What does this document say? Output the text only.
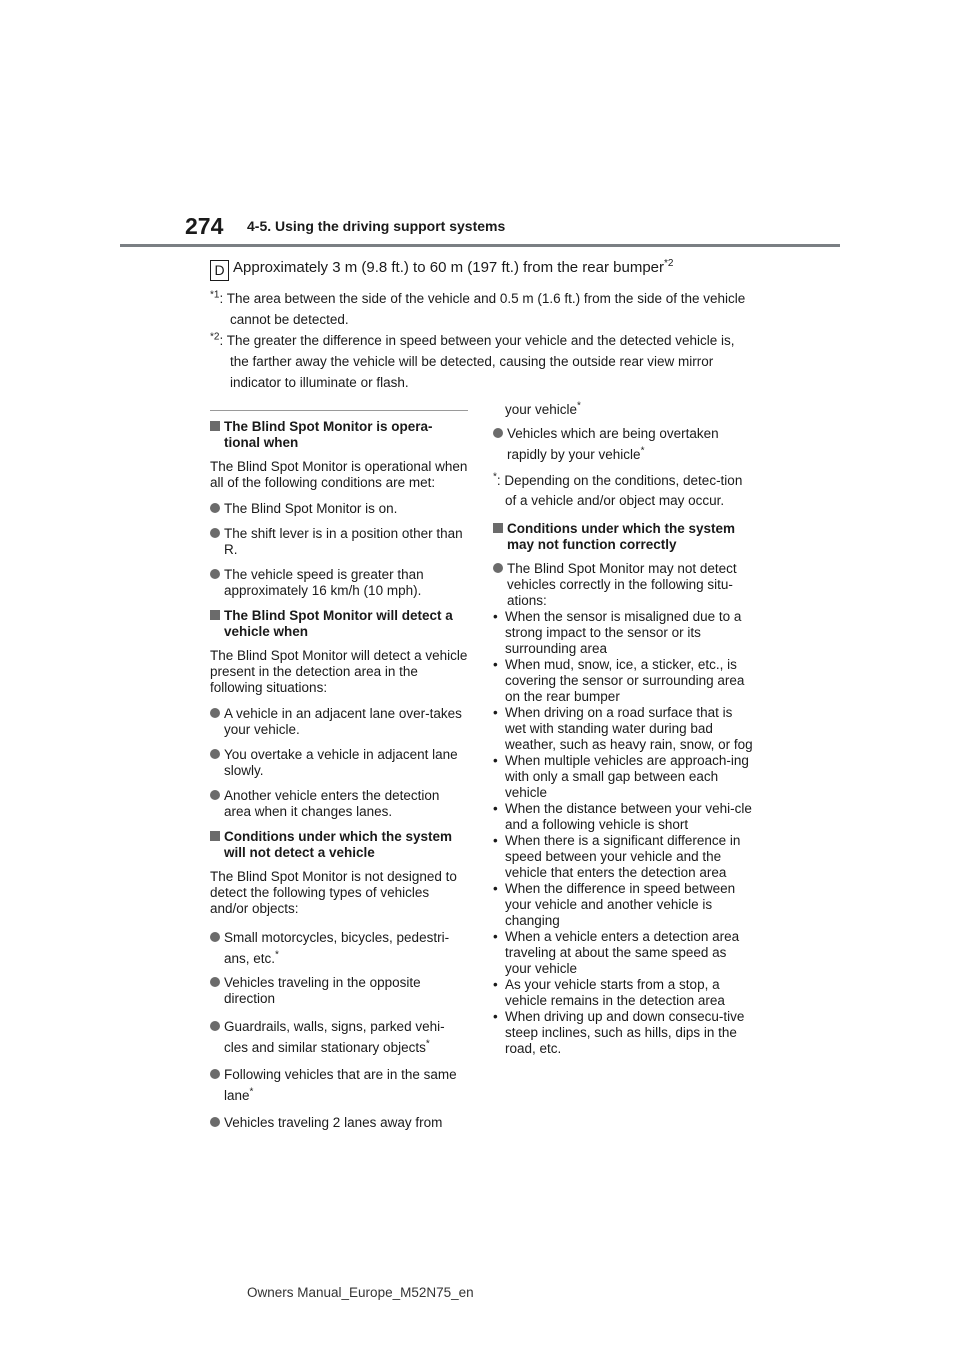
274 4-5. Using the driving support systems
D Approximately 3 m (9.8 ft.) to 60 m (197 ft.) from the rear bumper$^{*2}$
$^{*1}$: The area between the side of the vehicle and 0.5 m (1.6 ft.) from the side of the vehicle cannot be detected.
$^{*2}$: The greater the difference in speed between your vehicle and the detected vehicle is, the farther away the vehicle will be detected, causing the outside rear view mirror indicator to illuminate or flash.
The Blind Spot Monitor is opera-tional when
The Blind Spot Monitor is operational when all of the following conditions are met:
The Blind Spot Monitor is on.
The shift lever is in a position other than R.
The vehicle speed is greater than approximately 16 km/h (10 mph).
The Blind Spot Monitor will detect a vehicle when
The Blind Spot Monitor will detect a vehicle present in the detection area in the following situations:
A vehicle in an adjacent lane over-takes your vehicle.
You overtake a vehicle in adjacent lane slowly.
Another vehicle enters the detection area when it changes lanes.
Conditions under which the system will not detect a vehicle
The Blind Spot Monitor is not designed to detect the following types of vehicles and/or objects:
Small motorcycles, bicycles, pedestri-ans, etc.*
Vehicles traveling in the opposite direction
Guardrails, walls, signs, parked vehi-cles and similar stationary objects*
Following vehicles that are in the same lane*
Vehicles traveling 2 lanes away from
your vehicle*
Vehicles which are being overtaken rapidly by your vehicle*
*: Depending on the conditions, detec-tion of a vehicle and/or object may occur.
Conditions under which the system may not function correctly
The Blind Spot Monitor may not detect vehicles correctly in the following situ-ations:
• When the sensor is misaligned due to a strong impact to the sensor or its surrounding area
• When mud, snow, ice, a sticker, etc., is covering the sensor or surrounding area on the rear bumper
• When driving on a road surface that is wet with standing water during bad weather, such as heavy rain, snow, or fog
• When multiple vehicles are approach-ing with only a small gap between each vehicle
• When the distance between your vehi-cle and a following vehicle is short
• When there is a significant difference in speed between your vehicle and the vehicle that enters the detection area
• When the difference in speed between your vehicle and another vehicle is changing
• When a vehicle enters a detection area traveling at about the same speed as your vehicle
• As your vehicle starts from a stop, a vehicle remains in the detection area
• When driving up and down consecu-tive steep inclines, such as hills, dips in the road, etc.
Owners Manual_Europe_M52N75_en
